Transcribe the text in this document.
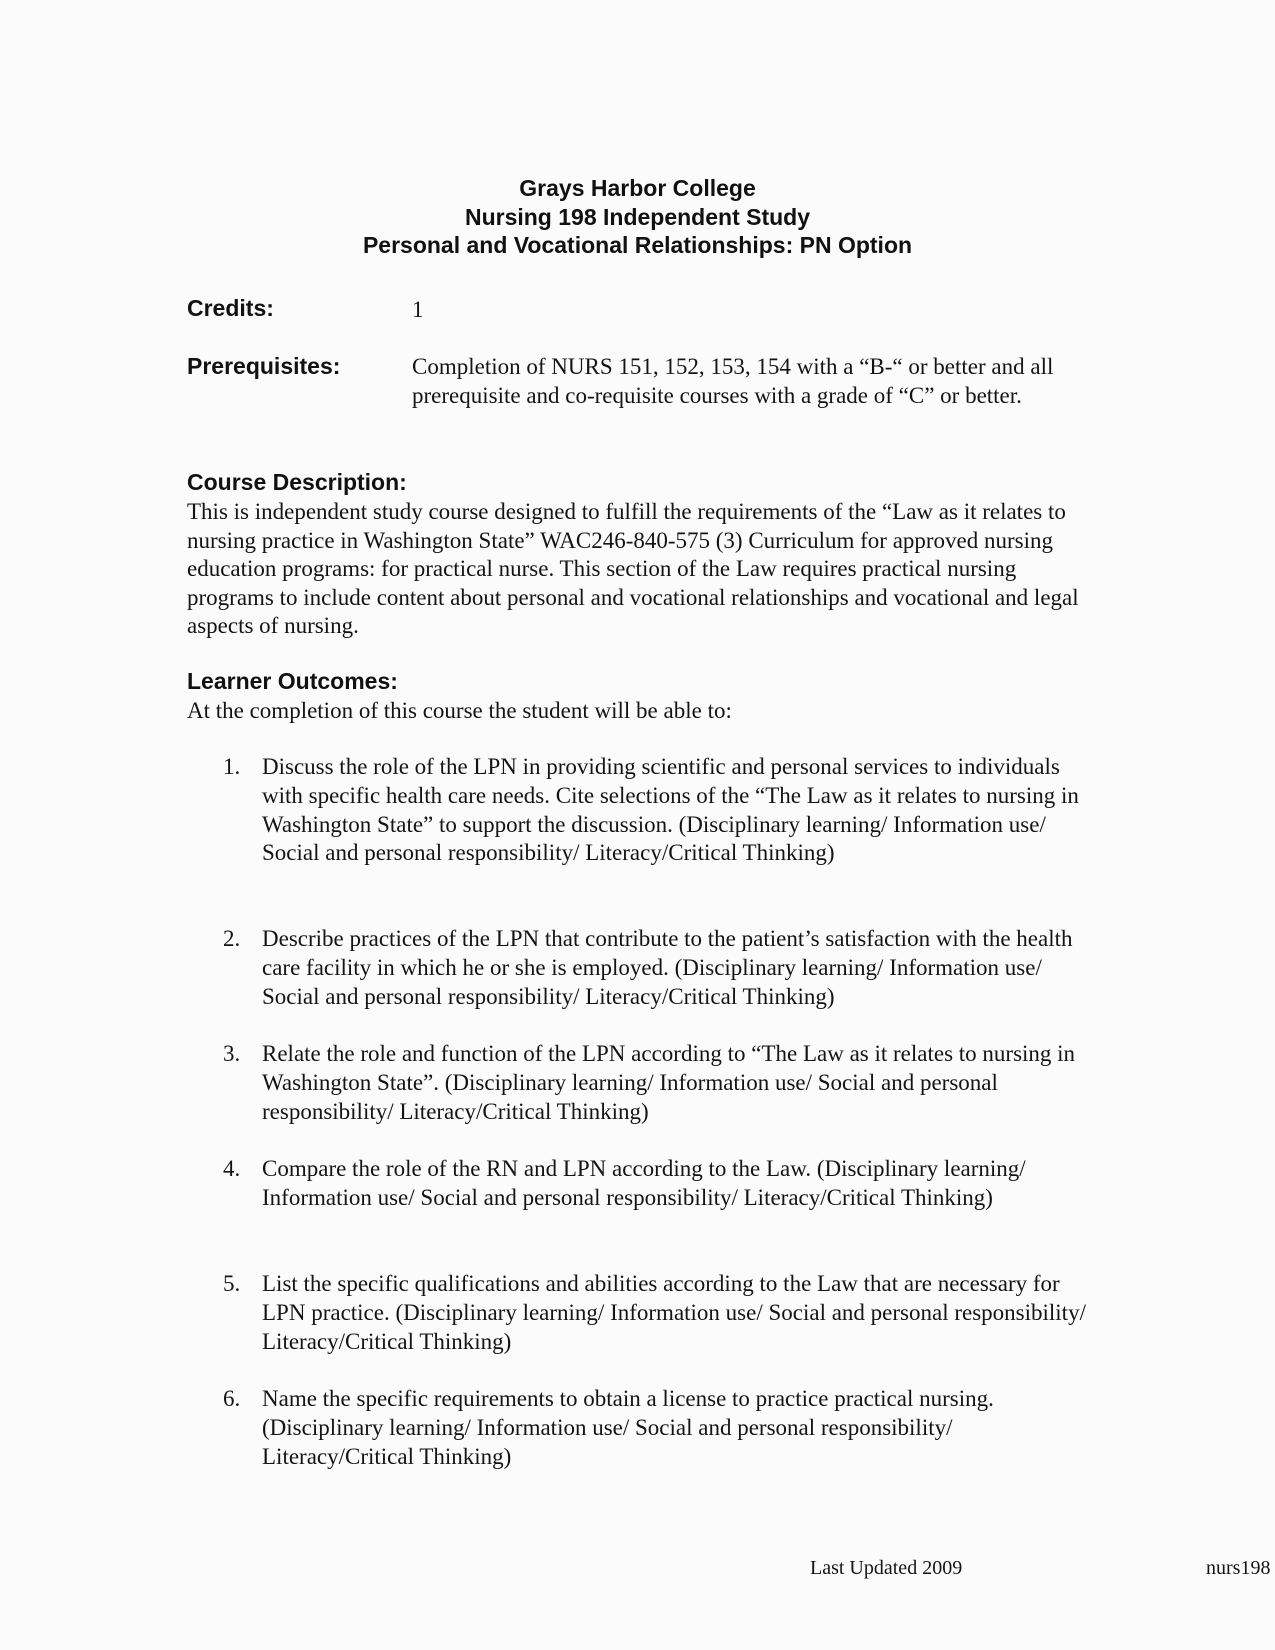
Grays Harbor College
Nursing 198 Independent Study
Personal and Vocational Relationships: PN Option
Credits:	1
Prerequisites:	Completion of NURS 151, 152, 153, 154 with a “B-“ or better and all prerequisite and co-requisite courses with a grade of “C” or better.
Course Description:
This is independent study course designed to fulfill the requirements of the “Law as it relates to nursing practice in Washington State” WAC246-840-575 (3) Curriculum for approved nursing education programs: for practical nurse. This section of the Law requires practical nursing programs to include content about personal and vocational relationships and vocational and legal aspects of nursing.
Learner Outcomes:
At the completion of this course the student will be able to:
1. Discuss the role of the LPN in providing scientific and personal services to individuals with specific health care needs. Cite selections of the “The Law as it relates to nursing in Washington State” to support the discussion. (Disciplinary learning/ Information use/ Social and personal responsibility/ Literacy/Critical Thinking)
2. Describe practices of the LPN that contribute to the patient’s satisfaction with the health care facility in which he or she is employed. (Disciplinary learning/ Information use/ Social and personal responsibility/ Literacy/Critical Thinking)
3. Relate the role and function of the LPN according to “The Law as it relates to nursing in Washington State”. (Disciplinary learning/ Information use/ Social and personal responsibility/ Literacy/Critical Thinking)
4. Compare the role of the RN and LPN according to the Law. (Disciplinary learning/ Information use/ Social and personal responsibility/ Literacy/Critical Thinking)
5. List the specific qualifications and abilities according to the Law that are necessary for LPN practice. (Disciplinary learning/ Information use/ Social and personal responsibility/ Literacy/Critical Thinking)
6. Name the specific requirements to obtain a license to practice practical nursing. (Disciplinary learning/ Information use/ Social and personal responsibility/ Literacy/Critical Thinking)
Last Updated 2009	nurs198
